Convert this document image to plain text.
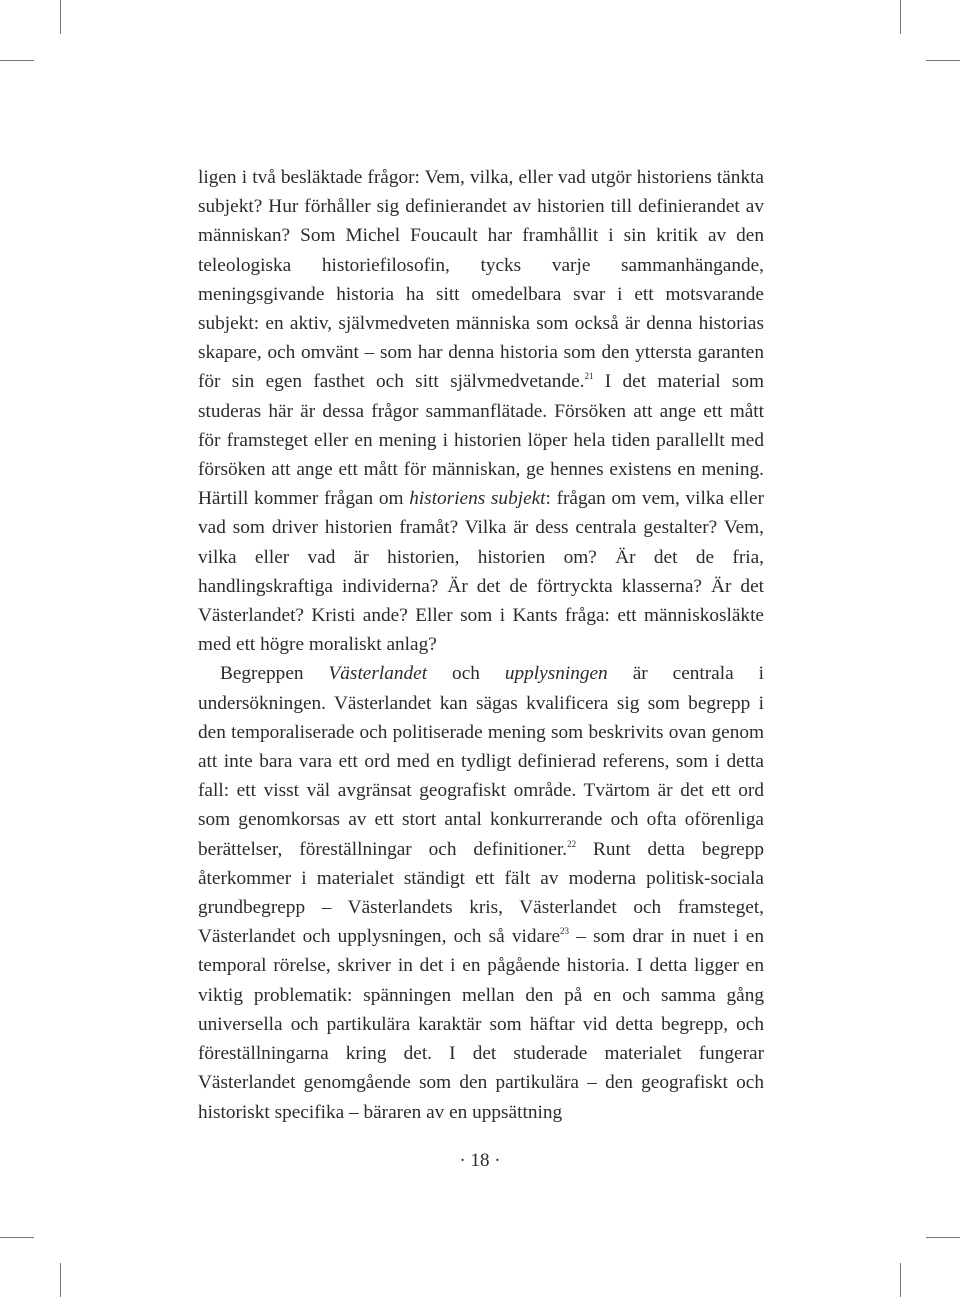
ligen i två besläktade frågor: Vem, vilka, eller vad utgör historiens tänkta subjekt? Hur förhåller sig definierandet av historien till definierandet av människan? Som Michel Foucault har framhållit i sin kritik av den teleologiska historiefilosofin, tycks varje sammanhängande, meningsgivande historia ha sitt omedelbara svar i ett motsvarande subjekt: en aktiv, självmedveten människa som också är denna historias skapare, och omvänt – som har denna historia som den yttersta garanten för sin egen fasthet och sitt självmedvetande.$^{21}$ I det material som studeras här är dessa frågor sammanflätade. Försöken att ange ett mått för framsteget eller en mening i historien löper hela tiden parallellt med försöken att ange ett mått för människan, ge hennes existens en mening. Härtill kommer frågan om historiens subjekt: frågan om vem, vilka eller vad som driver historien framåt? Vilka är dess centrala gestalter? Vem, vilka eller vad är historien, historien om? Är det de fria, handlingskraftiga individerna? Är det de förtryckta klasserna? Är det Västerlandet? Kristi ande? Eller som i Kants fråga: ett människosläkte med ett högre moraliskt anlag?

Begreppen Västerlandet och upplysningen är centrala i undersökningen. Västerlandet kan sägas kvalificera sig som begrepp i den temporaliserade och politiserade mening som beskrivits ovan genom att inte bara vara ett ord med en tydligt definierad referens, som i detta fall: ett visst väl avgränsat geografiskt område. Tvärtom är det ett ord som genomkorsas av ett stort antal konkurrerande och ofta oförenliga berättelser, föreställningar och definitioner.$^{22}$ Runt detta begrepp återkommer i materialet ständigt ett fält av moderna politisk-sociala grundbegrepp – Västerlandets kris, Västerlandet och framsteget, Västerlandet och upplysningen, och så vidare$^{23}$ – som drar in nuet i en temporal rörelse, skriver in det i en pågående historia. I detta ligger en viktig problematik: spänningen mellan den på en och samma gång universella och partikulära karaktär som häftar vid detta begrepp, och föreställningarna kring det. I det studerade materialet fungerar Västerlandet genomgående som den partikulära – den geografiskt och historiskt specifika – bäraren av en uppsättning

· 18 ·
